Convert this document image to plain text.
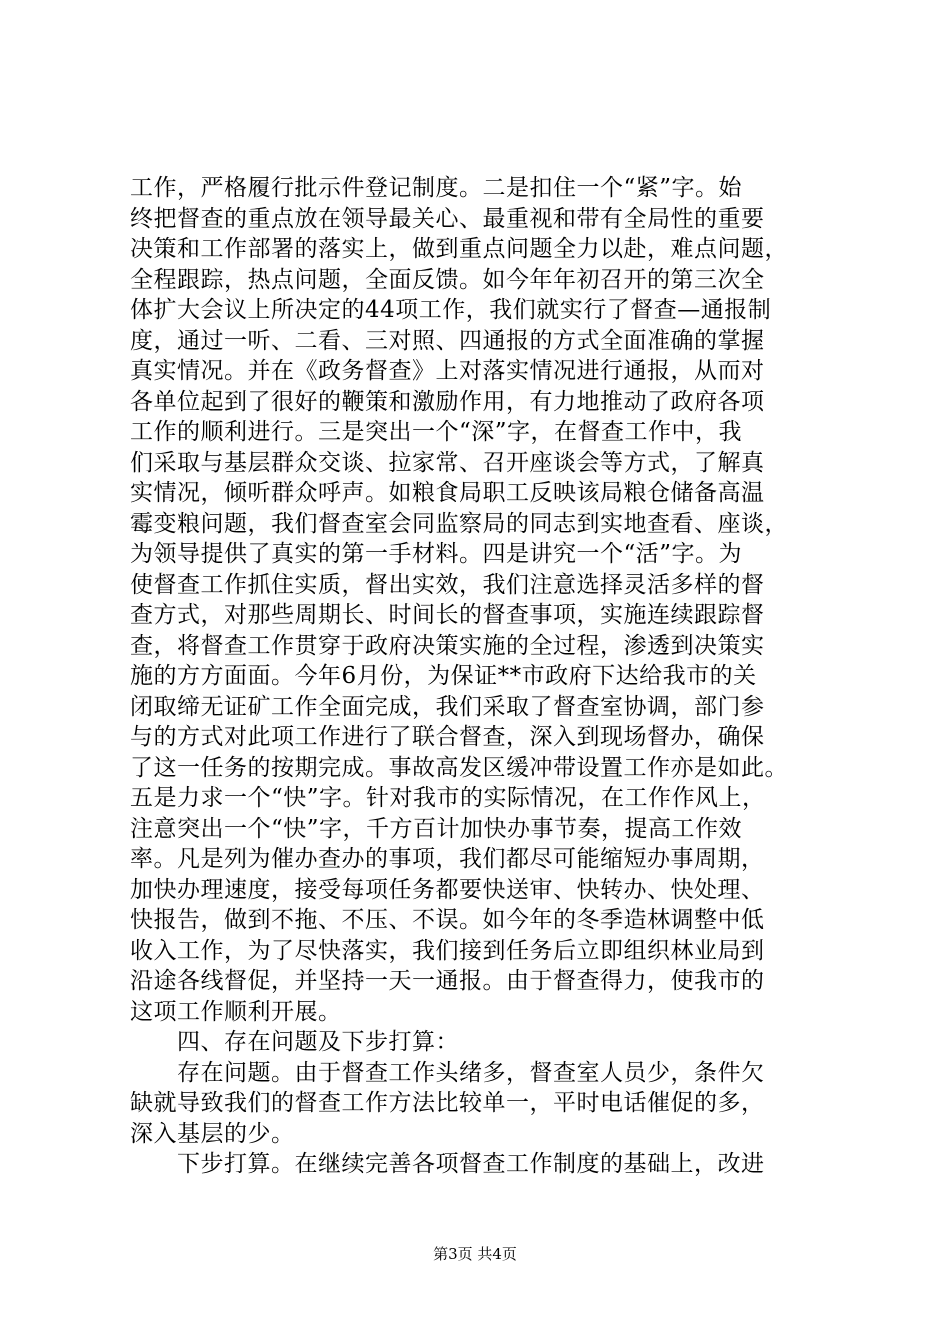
工作，严格履行批示件登记制度。二是扣住一个“紧”字。始
终把督查的重点放在领导最关心、最重视和带有全局性的重要
决策和工作部署的落实上，做到重点问题全力以赴，难点问题，
全程跟踪，热点问题，全面反馈。如今年年初召开的第三次全
体扩大会议上所决定的44项工作，我们就实行了督查—通报制
度，通过一听、二看、三对照、四通报的方式全面准确的掌握
真实情况。并在《政务督查》上对落实情况进行通报，从而对
各单位起到了很好的鞭策和激励作用，有力地推动了政府各项
工作的顺利进行。三是突出一个“深”字，在督查工作中，我
们采取与基层群众交谈、拉家常、召开座谈会等方式，了解真
实情况，倾听群众呼声。如粮食局职工反映该局粮仓储备高温
霉变粮问题，我们督查室会同监察局的同志到实地查看、座谈，
为领导提供了真实的第一手材料。四是讲究一个“活”字。为
使督查工作抓住实质，督出实效，我们注意选择灵活多样的督
查方式，对那些周期长、时间长的督查事项，实施连续跟踪督
查，将督查工作贯穿于政府决策实施的全过程，渗透到决策实
施的方方面面。今年6月份，为保证**市政府下达给我市的关
闭取缔无证矿工作全面完成，我们采取了督查室协调，部门参
与的方式对此项工作进行了联合督查，深入到现场督办，确保
了这一任务的按期完成。事故高发区缓冲带设置工作亦是如此。
五是力求一个“快”字。针对我市的实际情况，在工作作风上，
注意突出一个“快”字，千方百计加快办事节奏，提高工作效
率。凡是列为催办查办的事项，我们都尽可能缩短办事周期，
加快办理速度，接受每项任务都要快送审、快转办、快处理、
快报告，做到不拖、不压、不误。如今年的冬季造林调整中低
收入工作，为了尽快落实，我们接到任务后立即组织林业局到
沿途各线督促，并坚持一天一通报。由于督查得力，使我市的
这项工作顺利开展。
　　四、存在问题及下步打算：
　　存在问题。由于督查工作头绪多，督查室人员少，条件欠
缺就导致我们的督查工作方法比较单一，平时电话催促的多，
深入基层的少。
　　下步打算。在继续完善各项督查工作制度的基础上，改进
第3页 共4页
